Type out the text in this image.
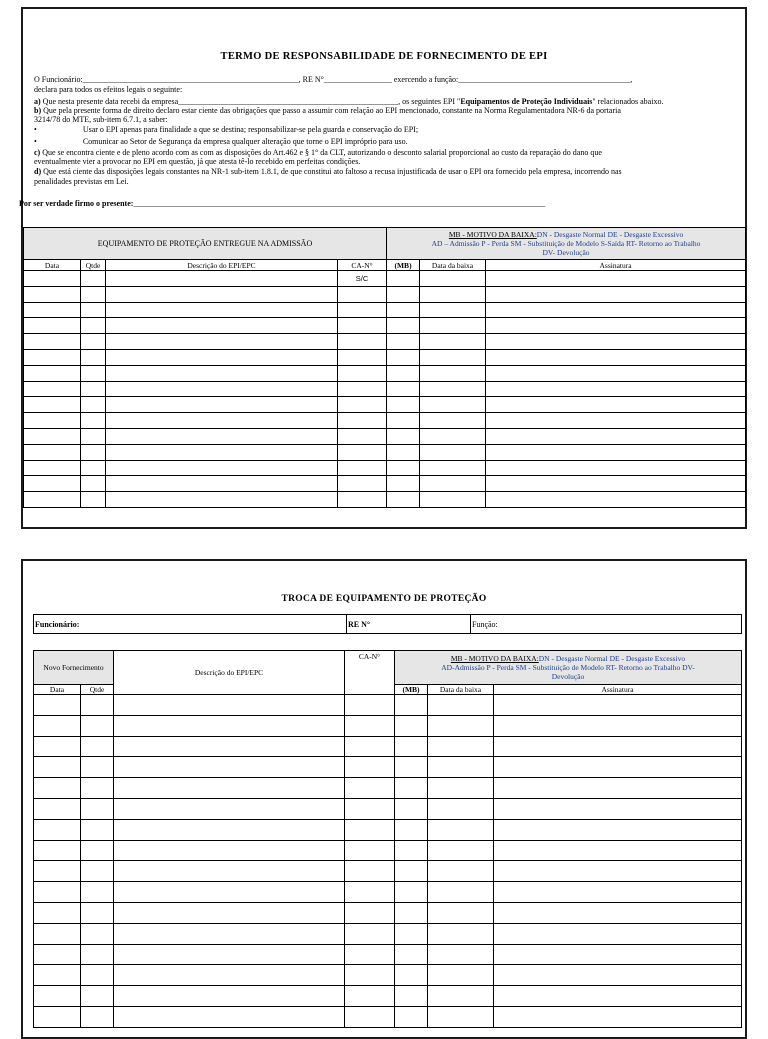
TERMO DE RESPONSABILIDADE DE FORNECIMENTO DE EPI
O Funcionário:______________________________________________________, RE N°_________________ exercendo a função:___________________________________________,
declara para todos os efeitos legais o seguinte:
a) Que nesta presente data recebi da empresa_______________________________________________________, os seguintes EPI "Equipamentos de Proteção Individuais" relacionados abaixo.
b) Que pela presente forma de direito declaro estar ciente das obrigações que passo a assumir com relação ao EPI mencionado, constante na Norma Regulamentadora NR-6 da portaria
3214/78 do MTE, sub-item 6.7.1, a saber:
•	Usar o EPI apenas para finalidade a que se destina; responsabilizar-se pela guarda e conservação do EPI;
•	Comunicar ao Setor de Segurança da empresa qualquer alteração que torne o EPI impróprio para uso.
c) Que se encontra ciente e de pleno acordo com as com as disposições do Art.462 e § 1° da CLT, autorizando o desconto salarial proporcional ao custo da reparação do dano que
eventualmente vier a provocar no EPI em questão, já que atesta tê-lo recebido em perfeitas condições.
d) Que está ciente das disposições legais constantes na NR-1 sub-item 1.8.1, de que constitui ato faltoso a recusa injustificada de usar o EPI ora fornecido pela empresa, incorrendo nas
penalidades previstas em Lei.
Por ser verdade firmo o presente:_______________________________________________________________________________________________________
EQUIPAMENTO DE PROTEÇÃO ENTREGUE NA ADMISSÃO				MB - MOTIVO DA BAIXA:DN - Desgaste Normal DE - Desgaste Excessivo
AD – Admissão P - Perda SM - Substituição de Modelo S-Saída RT- Retorno ao Trabalho
DV- Devolução		
Data	Qtde	Descrição do EPI/EPC	CA-N°	(MB)	Data da baixa	Assinatura
			S/C			

TROCA DE EQUIPAMENTO DE PROTEÇÃO
Funcionário:	RE N°	Função:
Novo Fornecimento		Descrição do EPI/EPC	CA-N°	MB - MOTIVO DA BAIXA:DN - Desgaste Normal DE - Desgaste Excessivo
AD-Admissão P - Perda SM - Substituição de Modelo RT- Retorno ao Trabalho DV-
Devolução		
Data	Qtde			(MB)	Data da baixa	Assinatura
